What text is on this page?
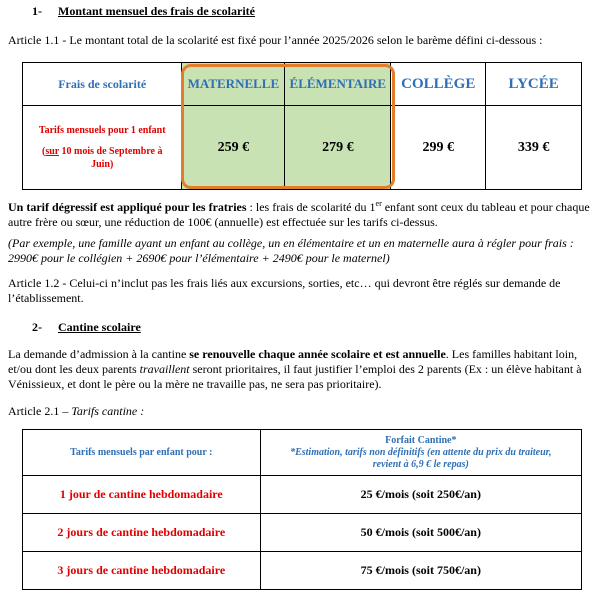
1- Montant mensuel des frais de scolarité
Article 1.1 - Le montant total de la scolarité est fixé pour l’année 2025/2026 selon le barème défini ci-dessous :
Frais de scolarité	MATERNELLE	ÉLÉMENTAIRE	COLLÈGE	LYCÉE

Tarifs mensuels pour 1 enfant
(sur 10 mois de Septembre à
Juin)	259 €	279 €	299 €	339 €
Un tarif dégressif est appliqué pour les fratries : les frais de scolarité du 1er enfant sont ceux du tableau et pour chaque autre frère ou sœur, une réduction de 100€ (annuelle) est effectuée sur les tarifs ci-dessus.
(Par exemple, une famille ayant un enfant au collège, un en élémentaire et un en maternelle aura à régler pour frais : 2990€ pour le collégien + 2690€ pour l’élémentaire + 2490€ pour le maternel)
Article 1.2 - Celui-ci n’inclut pas les frais liés aux excursions, sorties, etc… qui devront être réglés sur demande de l’établissement.
2- Cantine scolaire
La demande d’admission à la cantine se renouvelle chaque année scolaire et est annuelle. Les familles habitant loin, et/ou dont les deux parents travaillent seront prioritaires, il faut justifier l’emploi des 2 parents (Ex : un élève habitant à Vénissieux, et dont le père ou la mère ne travaille pas, ne sera pas prioritaire).
Article 2.1 – Tarifs cantine :
Tarifs mensuels par enfant pour :	Forfait Cantine*
*Estimation, tarifs non définitifs (en attente du prix du traiteur,
revient à 6,9 € le repas)

1 jour de cantine hebdomadaire	25 €/mois (soit 250€/an)
2 jours de cantine hebdomadaire	50 €/mois (soit 500€/an)
3 jours de cantine hebdomadaire	75 €/mois (soit 750€/an)
